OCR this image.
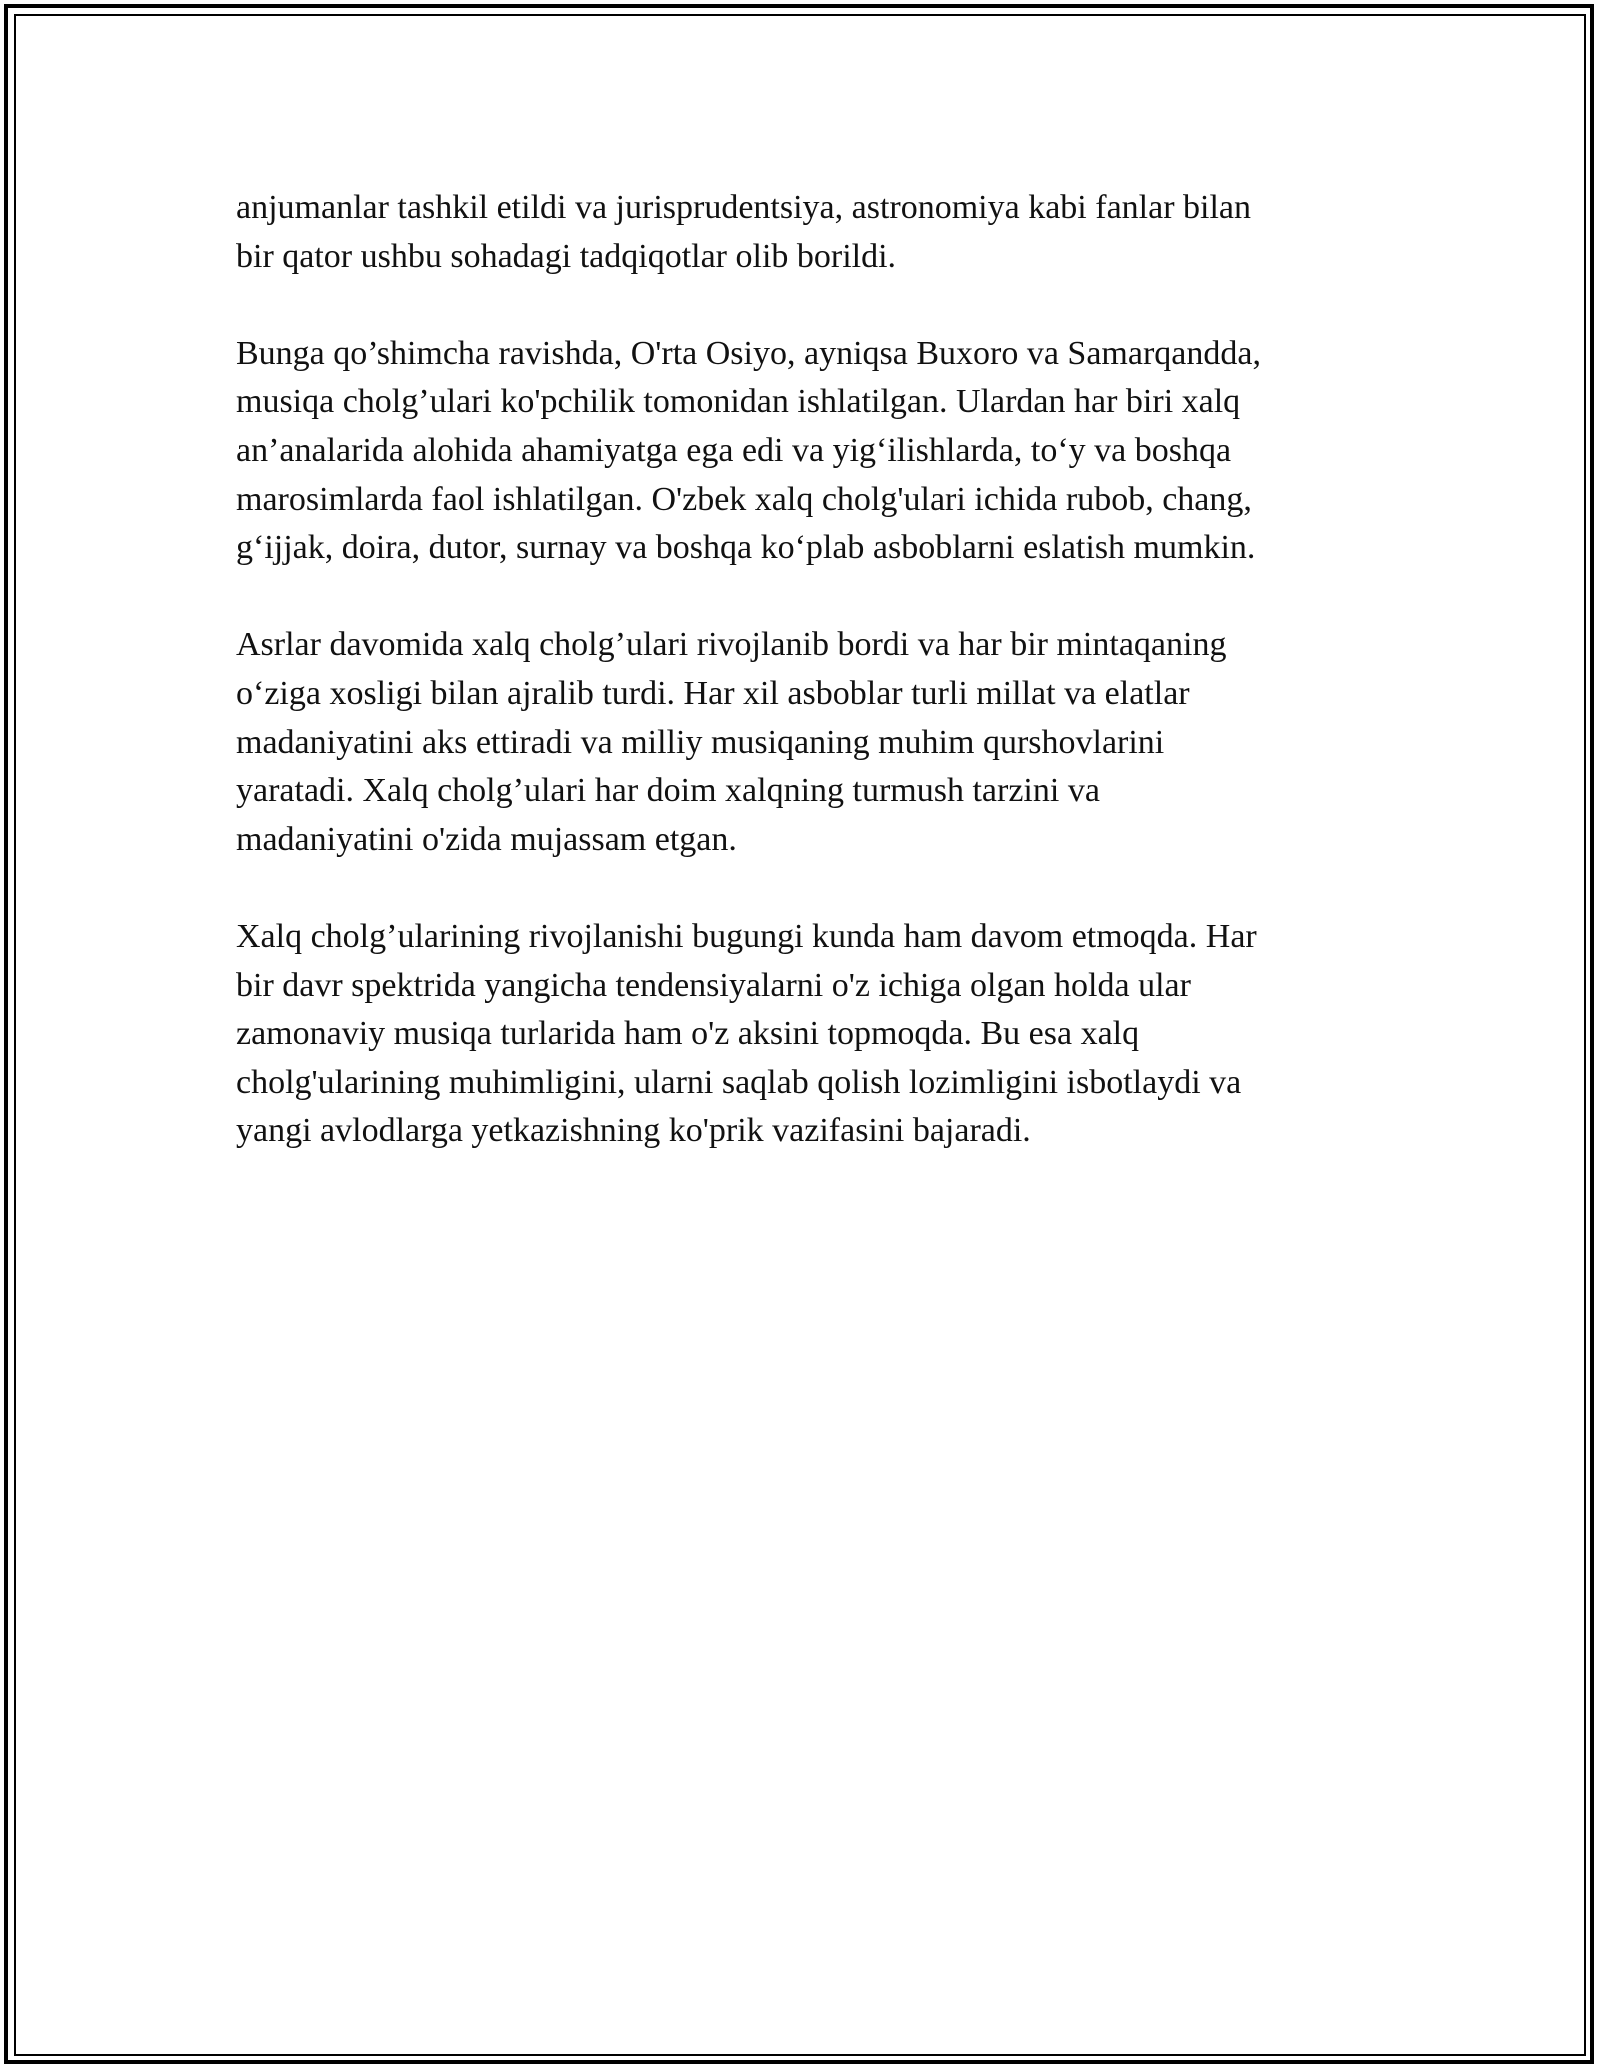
anjumanlar tashkil etildi va jurisprudentsiya, astronomiya kabi fanlar bilan
bir qator ushbu sohadagi tadqiqotlar olib borildi.
Bunga qo’shimcha ravishda, O'rta Osiyo, ayniqsa Buxoro va Samarqandda,
musiqa cholg’ulari ko'pchilik tomonidan ishlatilgan. Ulardan har biri xalq
an’analarida alohida ahamiyatga ega edi va yig‘ilishlarda, to‘y va boshqa
marosimlarda faol ishlatilgan. O'zbek xalq cholg'ulari ichida rubob, chang,
g‘ijjak, doira, dutor, surnay va boshqa ko‘plab asboblarni eslatish mumkin.
Asrlar davomida xalq cholg’ulari rivojlanib bordi va har bir mintaqaning
o‘ziga xosligi bilan ajralib turdi. Har xil asboblar turli millat va elatlar
madaniyatini aks ettiradi va milliy musiqaning muhim qurshovlarini
yaratadi. Xalq cholg’ulari har doim xalqning turmush tarzini va
madaniyatini o'zida mujassam etgan.
Xalq cholg’ularining rivojlanishi bugungi kunda ham davom etmoqda. Har
bir davr spektrida yangicha tendensiyalarni o'z ichiga olgan holda ular
zamonaviy musiqa turlarida ham o'z aksini topmoqda. Bu esa xalq
cholg'ularining muhimligini, ularni saqlab qolish lozimligini isbotlaydi va
yangi avlodlarga yetkazishning ko'prik vazifasini bajaradi.
